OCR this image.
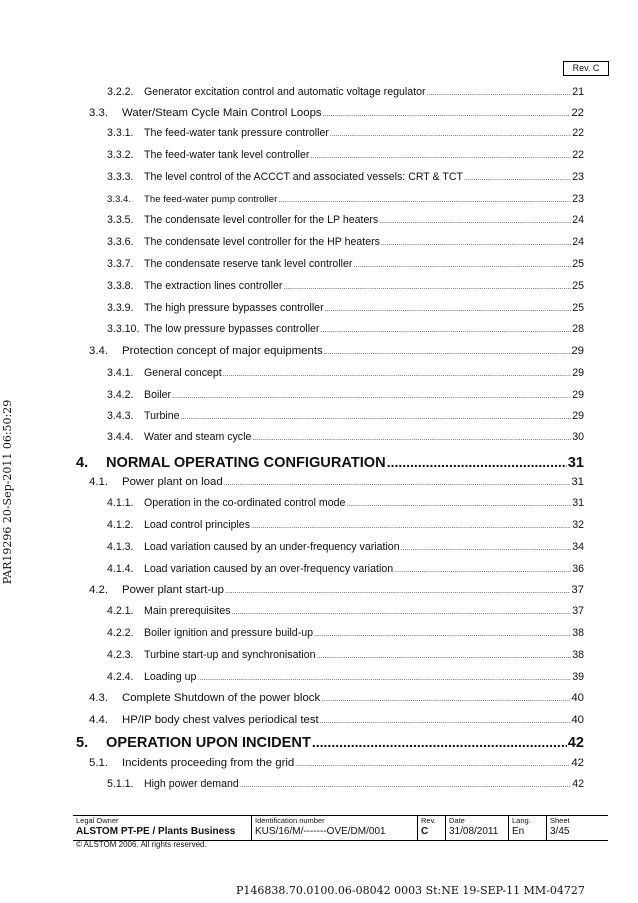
Rev. C
PAR19296 20-Sep-2011 06:50:29
3.2.2. Generator excitation control and automatic voltage regulator .....	21
3.3.	Water/Steam Cycle Main Control Loops .....	22
3.3.1. The feed-water tank pressure controller .....	22
3.3.2. The feed-water tank level controller .....	22
3.3.3. The level control of the ACCCT and associated vessels: CRT & TCT .....	23
3.3.4.	The feed-water pump controller .....	23
3.3.5. The condensate level controller for the LP heaters .....	24
3.3.6. The condensate level controller for the HP heaters .....	24
3.3.7. The condensate reserve tank level controller .....	25
3.3.8. The extraction lines controller .....	25
3.3.9. The high pressure bypasses controller .....	25
3.3.10. The low pressure bypasses controller .....	28
3.4.	Protection concept of major equipments .....	29
3.4.1. General concept .....	29
3.4.2. Boiler .....	29
3.4.3. Turbine .....	29
3.4.4. Water and steam cycle .....	30
4.	NORMAL OPERATING CONFIGURATION .....	31
4.1.	Power plant on load .....	31
4.1.1. Operation in the co-ordinated control mode .....	31
4.1.2. Load control principles .....	32
4.1.3. Load variation caused by an under-frequency variation .....	34
4.1.4. Load variation caused by an over-frequency variation .....	36
4.2.	Power plant start-up .....	37
4.2.1. Main prerequisites .....	37
4.2.2. Boiler ignition and pressure build-up .....	38
4.2.3. Turbine start-up and synchronisation .....	38
4.2.4. Loading up .....	39
4.3.	Complete Shutdown of the power block .....	40
4.4.	HP/IP body chest valves periodical test .....	40
5.	OPERATION UPON INCIDENT .....	42
5.1.	Incidents proceeding from the grid .....	42
5.1.1. High power demand .....	42
Legal Owner
ALSTOM PT-PE / Plants Business
Identification number
KUS/16/M/-------OVE/DM/001
Rev.
C
Date
31/08/2011
Lang.
En
Sheet
3/45
© ALSTOM 2006. All rights reserved.
P146838.70.0100.06-08042 0003 St:NE 19-SEP-11 MM-04727
